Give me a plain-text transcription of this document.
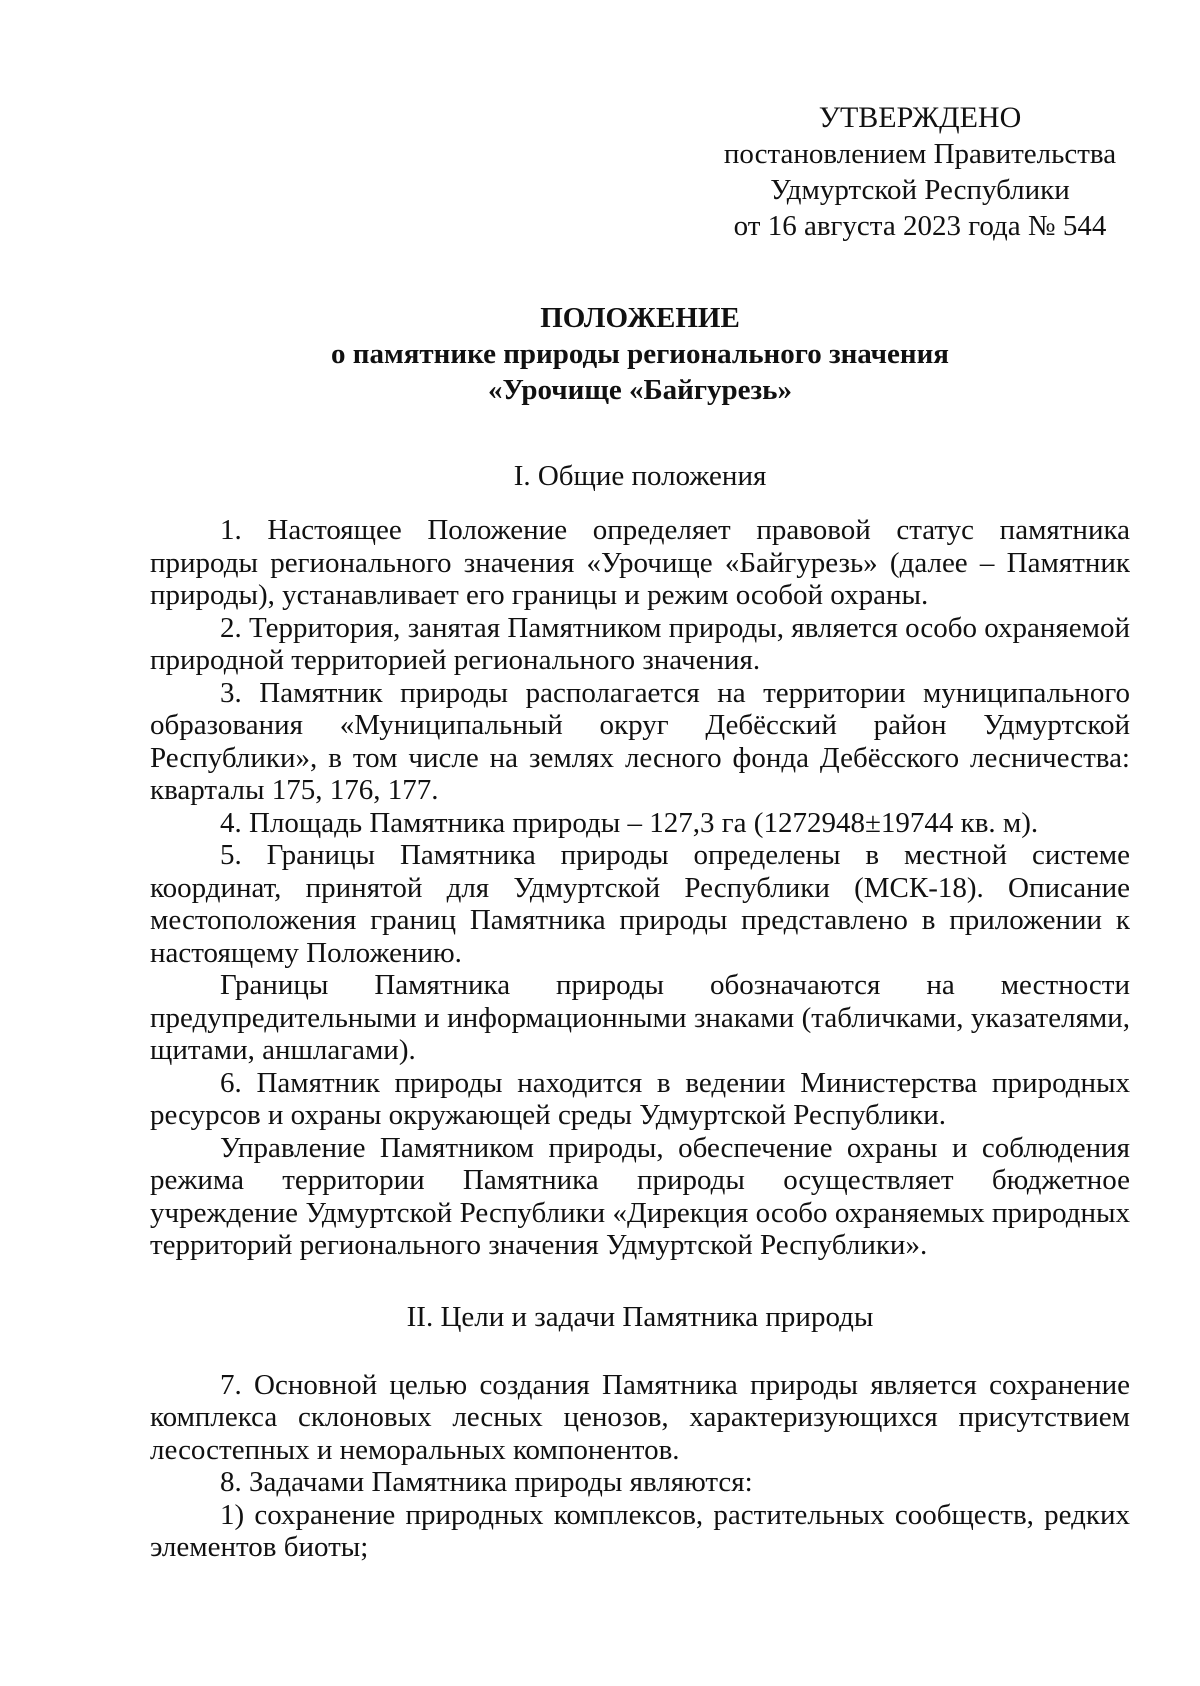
УТВЕРЖДЕНО
постановлением Правительства
Удмуртской Республики
от 16 августа 2023 года № 544
ПОЛОЖЕНИЕ
о памятнике природы регионального значения
«Урочище «Байгурезь»
I. Общие положения

1. Настоящее Положение определяет правовой статус памятника природы регионального значения «Урочище «Байгурезь» (далее – Памятник природы), устанавливает его границы и режим особой охраны.

2. Территория, занятая Памятником природы, является особо охраняемой природной территорией регионального значения.

3. Памятник природы располагается на территории муниципального образования «Муниципальный округ Дебёсский район Удмуртской Республики», в том числе на землях лесного фонда Дебёсского лесничества: кварталы 175, 176, 177.

4. Площадь Памятника природы – 127,3 га (1272948±19744 кв. м).

5. Границы Памятника природы определены в местной системе координат, принятой для Удмуртской Республики (МСК-18). Описание местоположения границ Памятника природы представлено в приложении к настоящему Положению.

Границы Памятника природы обозначаются на местности предупредительными и информационными знаками (табличками, указателями, щитами, аншлагами).

6. Памятник природы находится в ведении Министерства природных ресурсов и охраны окружающей среды Удмуртской Республики.

Управление Памятником природы, обеспечение охраны и соблюдения режима территории Памятника природы осуществляет бюджетное учреждение Удмуртской Республики «Дирекция особо охраняемых природных территорий регионального значения Удмуртской Республики».

II. Цели и задачи Памятника природы

7. Основной целью создания Памятника природы является сохранение комплекса склоновых лесных ценозов, характеризующихся присутствием лесостепных и неморальных компонентов.

8. Задачами Памятника природы являются:

1) сохранение природных комплексов, растительных сообществ, редких элементов биоты;
